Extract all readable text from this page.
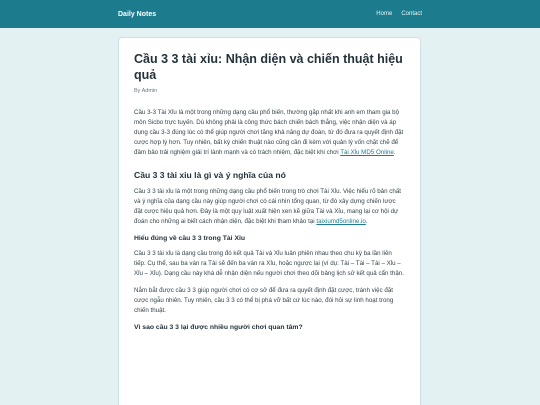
Daily Notes	Home Contact
Cầu 3 3 tài xỉu: Nhận diện và chiến thuật hiệu quả
By Admin

Cầu 3-3 Tài Xỉu là một trong những dạng cầu phổ biến, thường gặp nhất khi anh em tham gia bộ môn Sicbo trực tuyến. Dù không phải là công thức bách chiến bách thắng, việc nhận diện và áp dụng cầu 3-3 đúng lúc có thể giúp người chơi tăng khả năng dự đoán, từ đó đưa ra quyết định đặt cược hợp lý hơn. Tuy nhiên, bất kỳ chiến thuật nào cũng cần đi kèm với quản lý vốn chặt chẽ để đảm bảo trải nghiệm giải trí lành mạnh và có trách nhiệm, đặc biệt khi chơi Tài Xỉu MD5 Online.

Cầu 3 3 tài xỉu là gì và ý nghĩa của nó

Cầu 3 3 tài xỉu là một trong những dạng cầu phổ biến trong trò chơi Tài Xỉu. Việc hiểu rõ bản chất và ý nghĩa của dạng cầu này giúp người chơi có cái nhìn tổng quan, từ đó xây dựng chiến lược đặt cược hiệu quả hơn. Đây là một quy luật xuất hiện xen kẽ giữa Tài và Xỉu, mang lại cơ hội dự đoán cho những ai biết cách nhận diện, đặc biệt khi tham khảo tại taixiumd5online.io.

Hiểu đúng về cầu 3 3 trong Tài Xỉu

Cầu 3 3 tài xỉu là dạng cầu trong đó kết quả Tài và Xỉu luân phiên nhau theo chu kỳ ba lần liên tiếp. Cụ thể, sau ba ván ra Tài sẽ đến ba ván ra Xỉu, hoặc ngược lại (ví dụ: Tài – Tài – Tài – Xỉu – Xỉu – Xỉu). Dạng cầu này khá dễ nhận diện nếu người chơi theo dõi bảng lịch sử kết quả cẩn thận.

Nắm bắt được cầu 3 3 giúp người chơi có cơ sở để đưa ra quyết định đặt cược, tránh việc đặt cược ngẫu nhiên. Tuy nhiên, cầu 3 3 có thể bị phá vỡ bất cứ lúc nào, đòi hỏi sự linh hoạt trong chiến thuật.

Vì sao cầu 3 3 lại được nhiều người chơi quan tâm?
